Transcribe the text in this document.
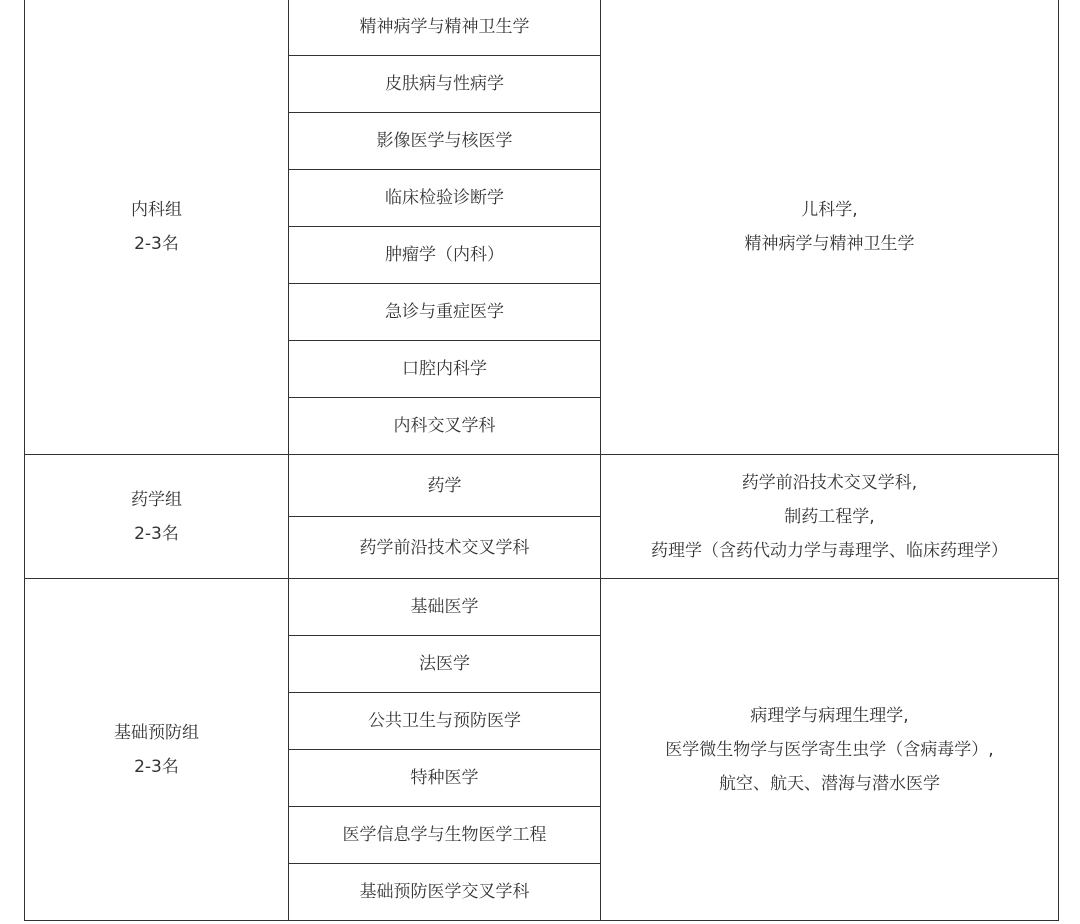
内科组
2-3名	精神病学与精神卫生学	儿科学,
精神病学与精神卫生学

	皮肤病与性病学	
	影像医学与核医学	
	临床检验诊断学	
	肿瘤学（内科）	
	急诊与重症医学	
	口腔内科学	
	内科交叉学科	

药学组
2-3名	药学	药学前沿技术交叉学科,
制药工程学,
药理学（含药代动力学与毒理学、临床药理学）

	药学前沿技术交叉学科	

基础预防组
2-3名	基础医学	病理学与病理生理学,
医学微生物学与医学寄生虫学（含病毒学）,
航空、航天、潜海与潜水医学

	法医学	
	公共卫生与预防医学	
	特种医学	
	医学信息学与生物医学工程	
	基础预防医学交叉学科	
